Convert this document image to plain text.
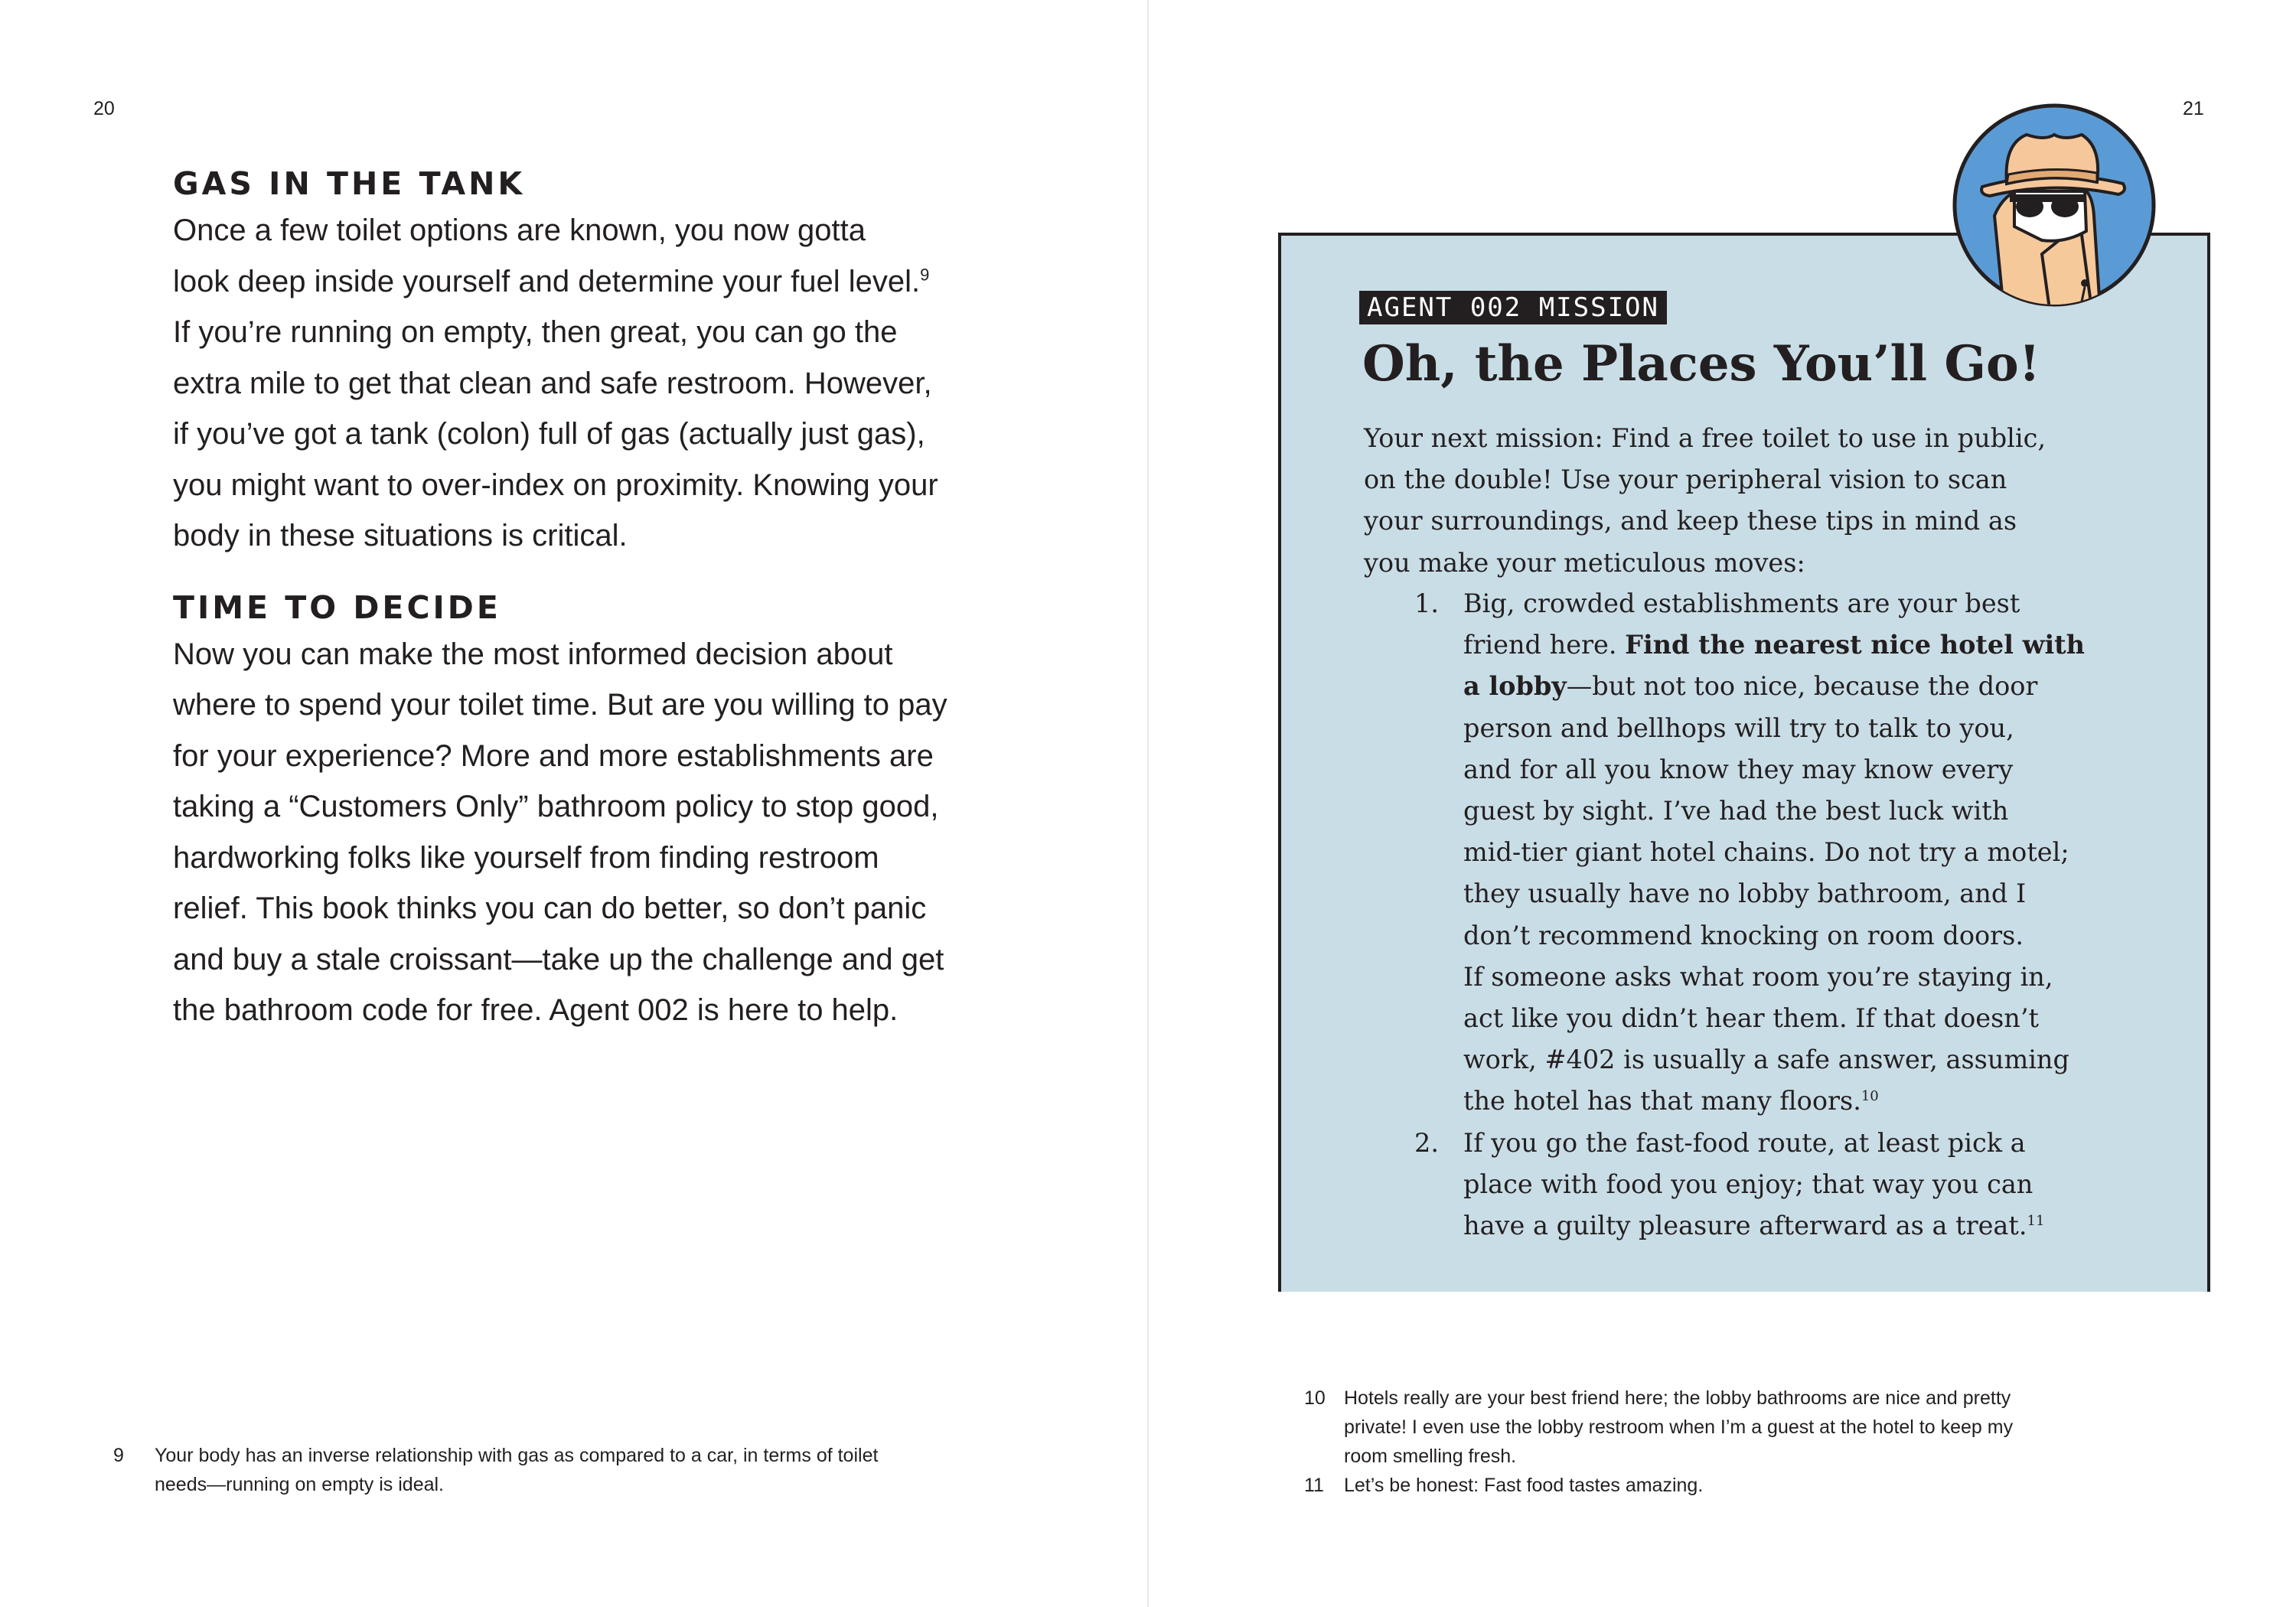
20
GAS IN THE TANK
Once a few toilet options are known, you now gotta
look deep inside yourself and determine your fuel level.$^9$
If you’re running on empty, then great, you can go the
extra mile to get that clean and safe restroom. However,
if you’ve got a tank (colon) full of gas (actually just gas),
you might want to over-index on proximity. Knowing your
body in these situations is critical.
TIME TO DECIDE
Now you can make the most informed decision about
where to spend your toilet time. But are you willing to pay
for your experience? More and more establishments are
taking a “Customers Only” bathroom policy to stop good,
hardworking folks like yourself from finding restroom
relief. This book thinks you can do better, so don’t panic
and buy a stale croissant—take up the challenge and get
the bathroom code for free. Agent 002 is here to help.
9	Your body has an inverse relationship with gas as compared to a car, in terms of toilet
needs—running on empty is ideal.
21
AGENT 002 MISSION
Oh, the Places You’ll Go!
Your next mission: Find a free toilet to use in public,
on the double! Use your peripheral vision to scan
your surroundings, and keep these tips in mind as
you make your meticulous moves:
1. Big, crowded establishments are your best
friend here. Find the nearest nice hotel with
a lobby—but not too nice, because the door
person and bellhops will try to talk to you,
and for all you know they may know every
guest by sight. I’ve had the best luck with
mid-tier giant hotel chains. Do not try a motel;
they usually have no lobby bathroom, and I
don’t recommend knocking on room doors.
If someone asks what room you’re staying in,
act like you didn’t hear them. If that doesn’t
work, #402 is usually a safe answer, assuming
the hotel has that many floors.$^{10}$
2. If you go the fast-food route, at least pick a
place with food you enjoy; that way you can
have a guilty pleasure afterward as a treat.$^{11}$
10 Hotels really are your best friend here; the lobby bathrooms are nice and pretty
private! I even use the lobby restroom when I’m a guest at the hotel to keep my
room smelling fresh.
11	Let’s be honest: Fast food tastes amazing.
